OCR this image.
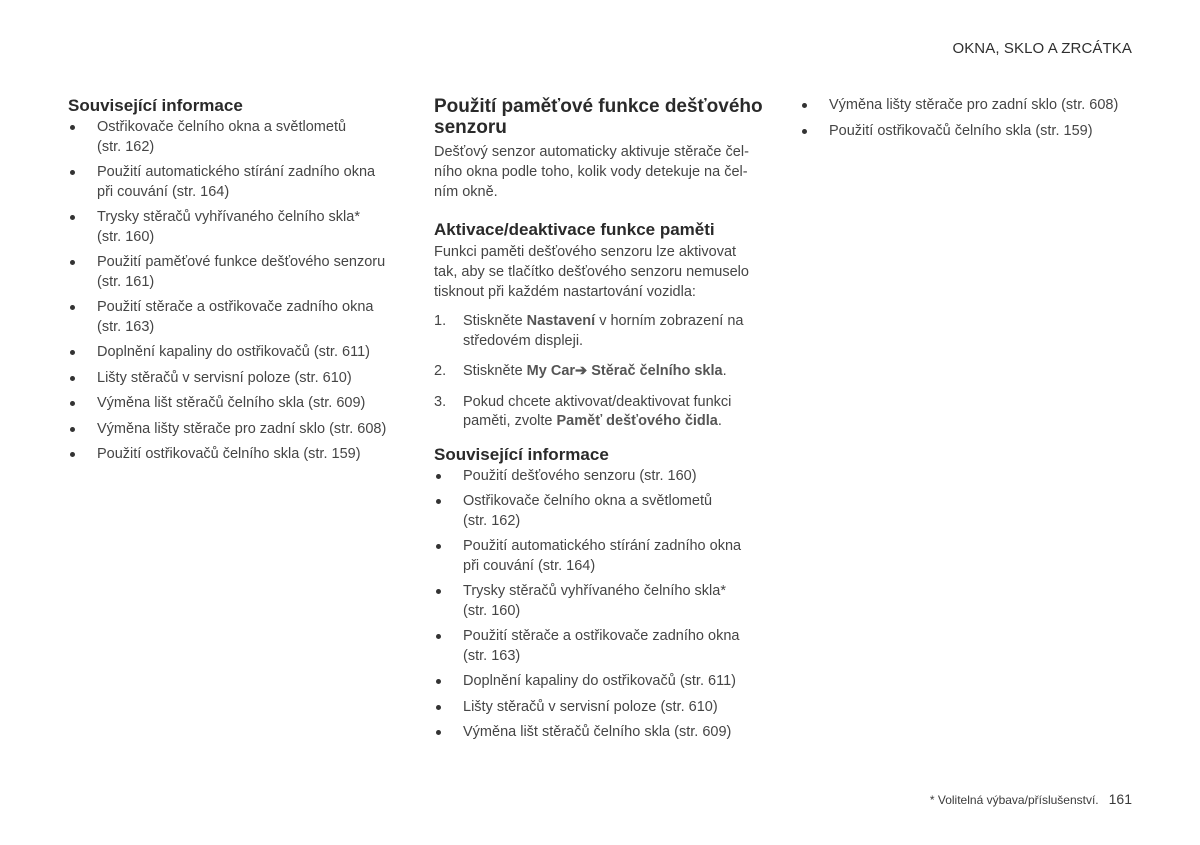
OKNA, SKLO A ZRCÁTKA
Související informace
Ostřikovače čelního okna a světlometů
(str. 162)
Použití automatického stírání zadního okna
při couvání (str. 164)
Trysky stěračů vyhřívaného čelního skla*
(str. 160)
Použití paměťové funkce dešťového senzoru
(str. 161)
Použití stěrače a ostřikovače zadního okna
(str. 163)
Doplnění kapaliny do ostřikovačů (str. 611)
Lišty stěračů v servisní poloze (str. 610)
Výměna lišt stěračů čelního skla (str. 609)
Výměna lišty stěrače pro zadní sklo (str. 608)
Použití ostřikovačů čelního skla (str. 159)
Použití paměťové funkce dešťového
senzoru

Dešťový senzor automaticky aktivuje stěrače čel-
ního okna podle toho, kolik vody detekuje na čel-
ním okně.

Aktivace/deaktivace funkce paměti

Funkci paměti dešťového senzoru lze aktivovat
tak, aby se tlačítko dešťového senzoru nemuselo
tisknout při každém nastartování vozidla:

1. Stiskněte Nastavení v horním zobrazení na
středovém displeji.
2. Stiskněte My Car➔ Stěrač čelního skla.
3. Pokud chcete aktivovat/deaktivovat funkci
paměti, zvolte Paměť dešťového čidla.
Související informace
Použití dešťového senzoru (str. 160)
Ostřikovače čelního okna a světlometů
(str. 162)
Použití automatického stírání zadního okna
při couvání (str. 164)
Trysky stěračů vyhřívaného čelního skla*
(str. 160)
Použití stěrače a ostřikovače zadního okna
(str. 163)
Doplnění kapaliny do ostřikovačů (str. 611)
Lišty stěračů v servisní poloze (str. 610)
Výměna lišt stěračů čelního skla (str. 609)
Výměna lišty stěrače pro zadní sklo (str. 608)
Použití ostřikovačů čelního skla (str. 159)
* Volitelná výbava/příslušenství. 161
